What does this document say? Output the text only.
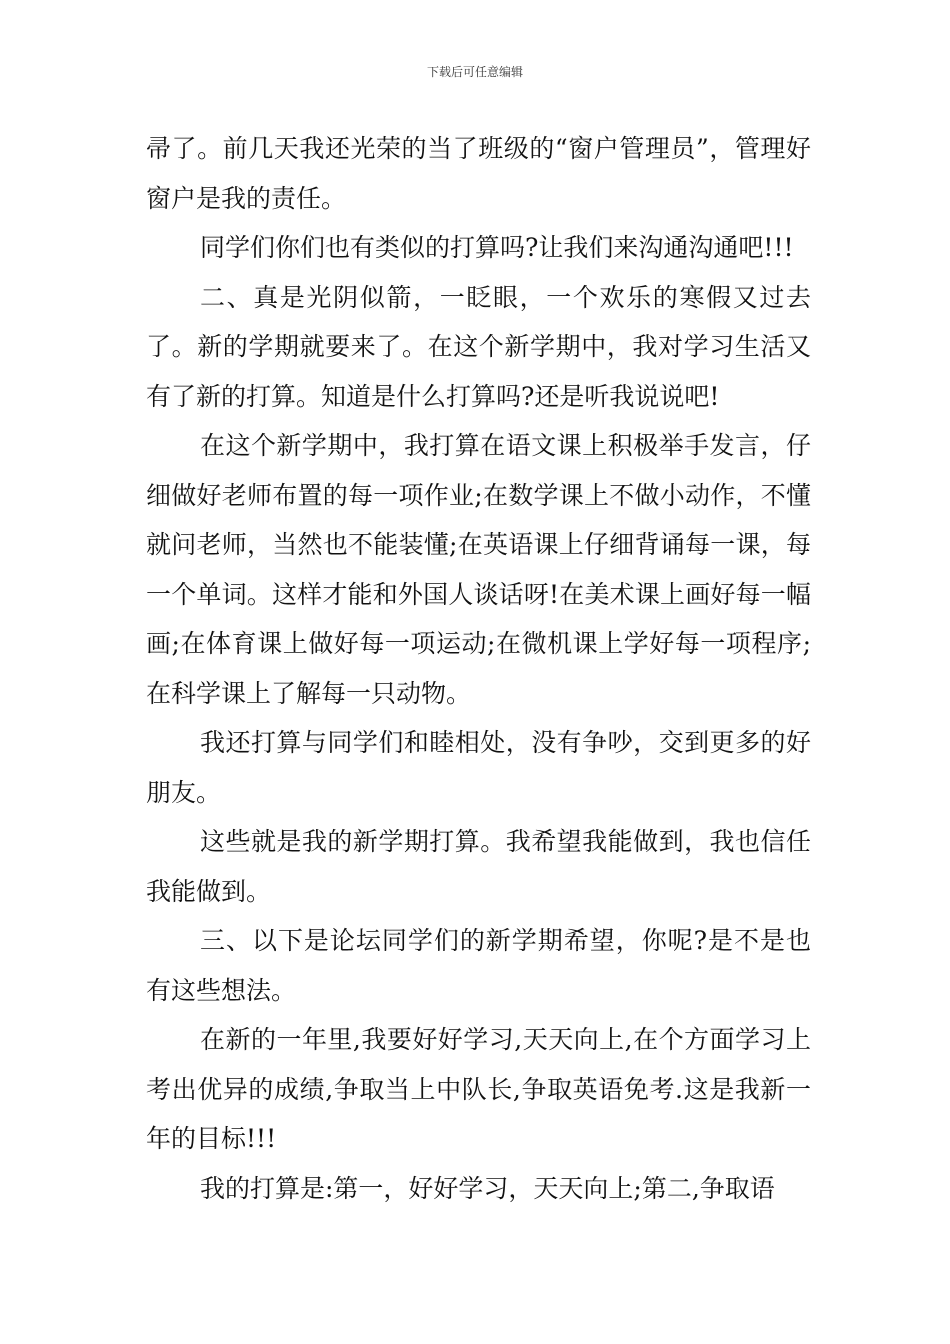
下载后可任意编辑

帚了。前几天我还光荣的当了班级的“窗户管理员”，管理好窗户是我的责任。

同学们你们也有类似的打算吗?让我们来沟通沟通吧!!!

二、真是光阴似箭，一眨眼，一个欢乐的寒假又过去了。新的学期就要来了。在这个新学期中，我对学习生活又有了新的打算。知道是什么打算吗?还是听我说说吧!

在这个新学期中，我打算在语文课上积极举手发言，仔细做好老师布置的每一项作业;在数学课上不做小动作，不懂就问老师，当然也不能装懂;在英语课上仔细背诵每一课，每一个单词。这样才能和外国人谈话呀!在美术课上画好每一幅画;在体育课上做好每一项运动;在微机课上学好每一项程序;在科学课上了解每一只动物。

我还打算与同学们和睦相处，没有争吵，交到更多的好朋友。

这些就是我的新学期打算。我希望我能做到，我也信任我能做到。

三、以下是论坛同学们的新学期希望，你呢?是不是也有这些想法。

在新的一年里,我要好好学习,天天向上,在个方面学习上考出优异的成绩,争取当上中队长,争取英语免考.这是我新一年的目标!!!

我的打算是:第一，好好学习，天天向上;第二,争取语
